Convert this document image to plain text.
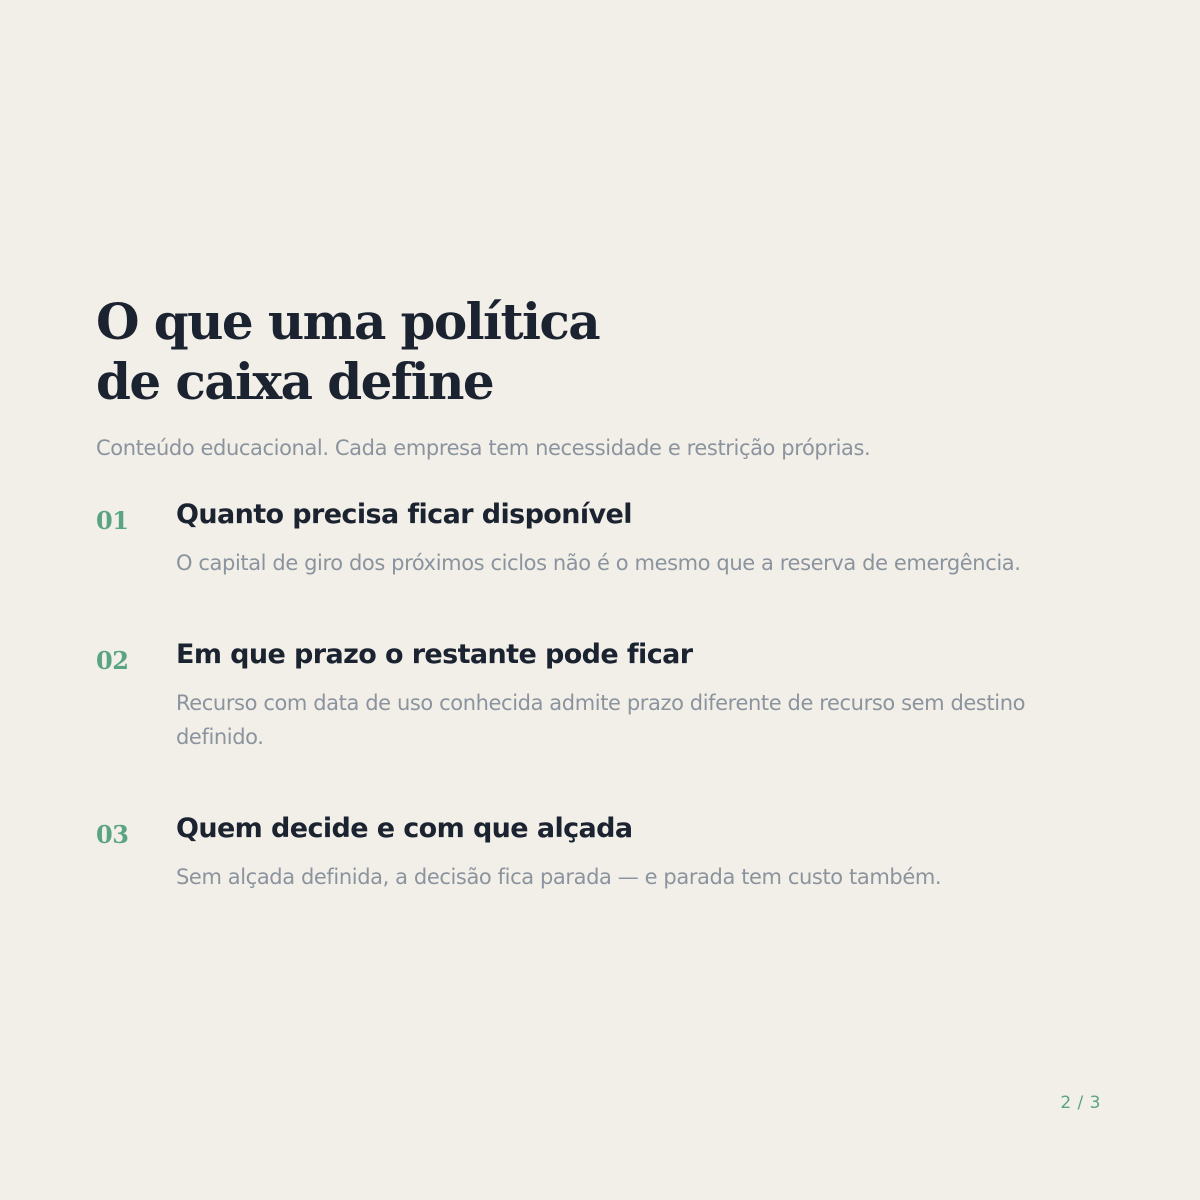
O que uma política
de caixa define

Conteúdo educacional. Cada empresa tem necessidade e restrição próprias.

01 Quanto precisa ficar disponível

O capital de giro dos próximos ciclos não é o mesmo que a reserva de emergência.

02 Em que prazo o restante pode ficar

Recurso com data de uso conhecida admite prazo diferente de recurso sem destino definido.

03 Quem decide e com que alçada

Sem alçada definida, a decisão fica parada — e parada tem custo também.

2 / 3
